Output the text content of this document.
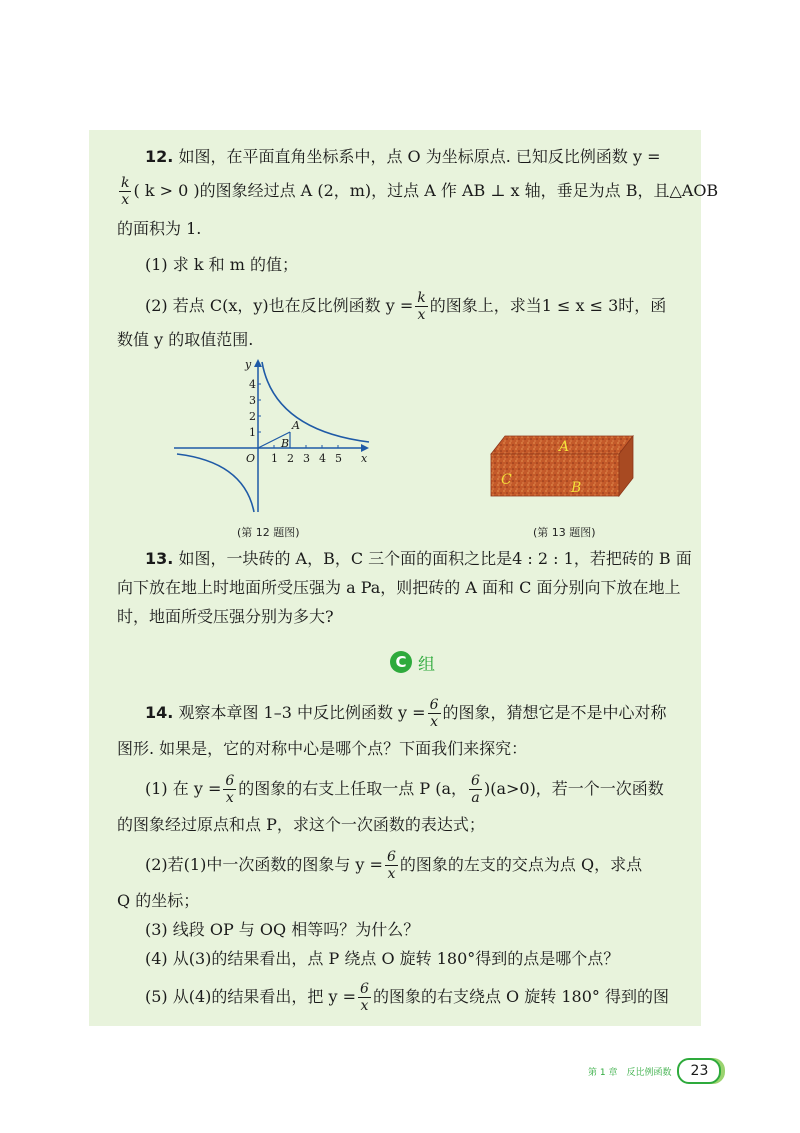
12. 如图，在平面直角坐标系中，点 O 为坐标原点. 已知反比例函数 y =
$\frac{k}{x}$ ( k > 0 )的图象经过点 A (2，m)，过点 A 作 AB ⊥ x 轴，垂足为点 B，且△AOB
的面积为 1.
(1) 求 k 和 m 的值；
(2) 若点 C(x，y)也在反比例函数 $y = \frac{k}{x}$ 的图象上，求当1 ≤ x ≤ 3时，函
数值 y 的取值范围.
1 2 3 4 5
1
2
3
4
O	x
y
A
B
(第 12 题图)
A
B
C
(第 13 题图)
13. 如图，一块砖的 A，B，C 三个面的面积之比是4 : 2 : 1，若把砖的 B 面
向下放在地上时地面所受压强为 a Pa，则把砖的 A 面和 C 面分别向下放在地上
时，地面所受压强分别为多大?
C 组
14. 观察本章图 1–3 中反比例函数 $y = \frac{6}{x}$ 的图象，猜想它是不是中心对称
图形. 如果是，它的对称中心是哪个点？下面我们来探究：
(1) 在 $y = \frac{6}{x}$ 的图象的右支上任取一点 P (a， $\frac{6}{a} )(a>0)$，若一个一次函数
的图象经过原点和点 P，求这个一次函数的表达式；
(2)若(1)中一次函数的图象与 $y = \frac{6}{x}$ 的图象的左支的交点为点 Q，求点
Q 的坐标；
(3) 线段 OP 与 OQ 相等吗？为什么？
(4) 从(3)的结果看出，点 P 绕点 O 旋转 180°得到的点是哪个点？
(5) 从(4)的结果看出，把 $y = \frac{6}{x}$ 的图象的右支绕点 O 旋转 180° 得到的图
第 1 章　反比例函数	23
